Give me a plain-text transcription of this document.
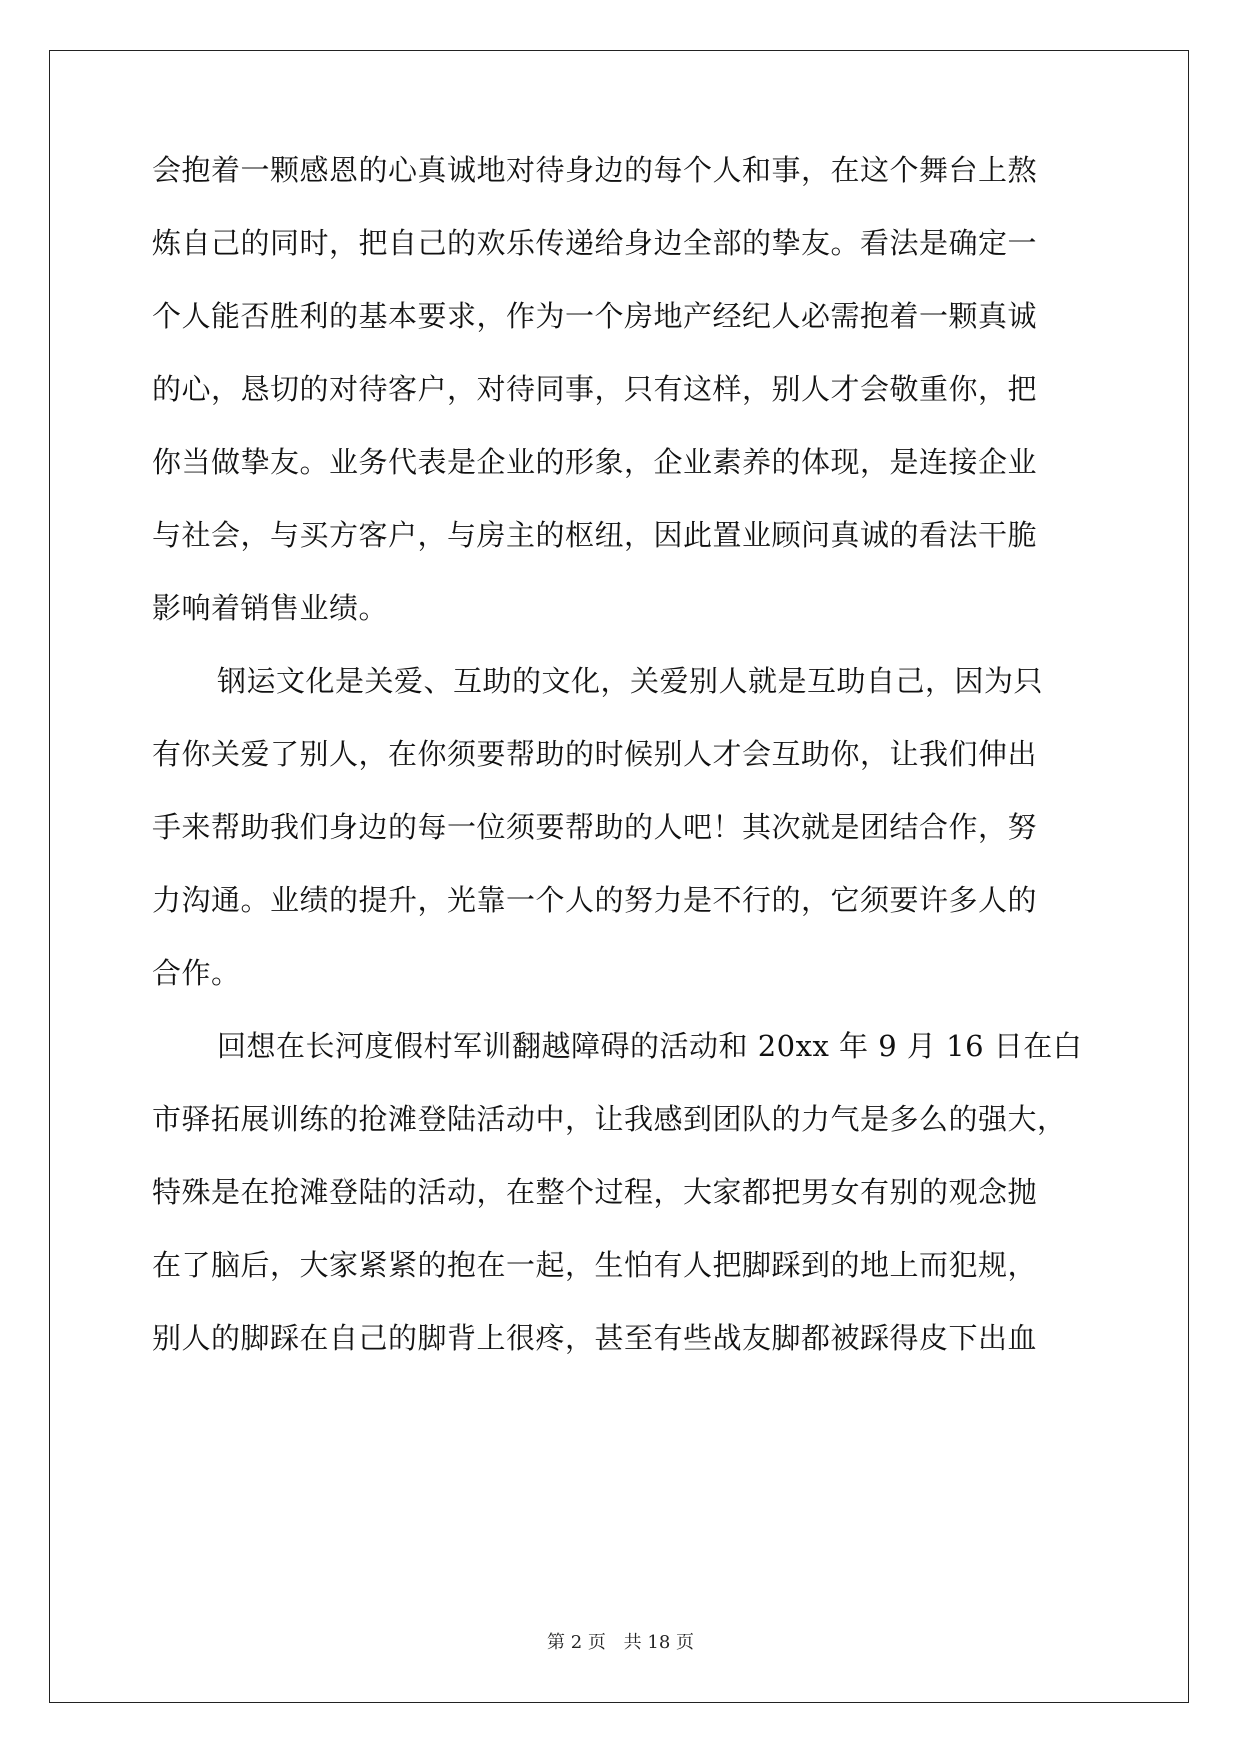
会抱着一颗感恩的心真诚地对待身边的每个人和事，在这个舞台上熬
炼自己的同时，把自己的欢乐传递给身边全部的挚友。看法是确定一
个人能否胜利的基本要求，作为一个房地产经纪人必需抱着一颗真诚
的心，恳切的对待客户，对待同事，只有这样，别人才会敬重你，把
你当做挚友。业务代表是企业的形象，企业素养的体现，是连接企业
与社会，与买方客户，与房主的枢纽，因此置业顾问真诚的看法干脆
影响着销售业绩。
钢运文化是关爱、互助的文化，关爱别人就是互助自己，因为只
有你关爱了别人，在你须要帮助的时候别人才会互助你，让我们伸出
手来帮助我们身边的每一位须要帮助的人吧！其次就是团结合作，努
力沟通。业绩的提升，光靠一个人的努力是不行的，它须要许多人的
合作。
回想在长河度假村军训翻越障碍的活动和 20xx 年 9 月 16 日在白
市驿拓展训练的抢滩登陆活动中，让我感到团队的力气是多么的强大，
特殊是在抢滩登陆的活动，在整个过程，大家都把男女有别的观念抛
在了脑后，大家紧紧的抱在一起，生怕有人把脚踩到的地上而犯规，
别人的脚踩在自己的脚背上很疼，甚至有些战友脚都被踩得皮下出血
第 2 页 共 18 页
